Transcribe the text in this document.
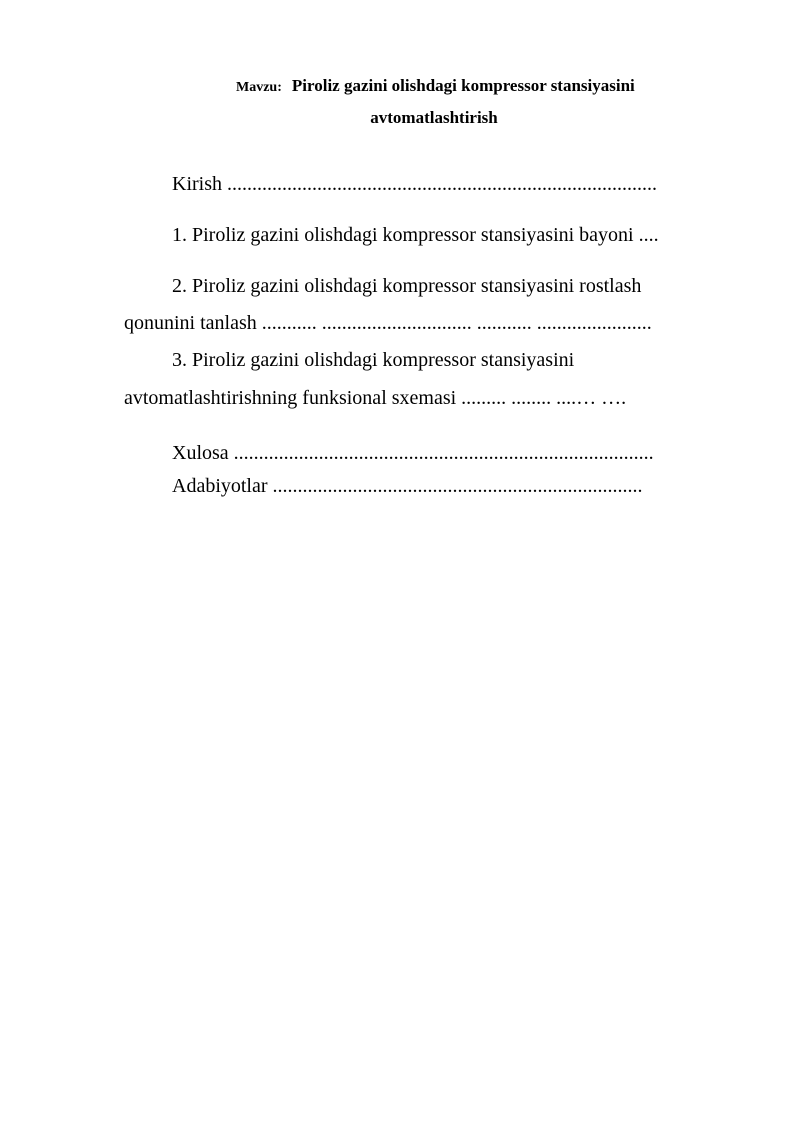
Mavzu: Piroliz gazini olishdagi kompressor stansiyasini
avtomatlashtirish
Kirish ......................................................................................
1. Piroliz gazini olishdagi kompressor stansiyasini bayoni ....
2. Piroliz gazini olishdagi kompressor stansiyasini rostlash
qonunini tanlash ........... .............................. ........... .......................
3. Piroliz gazini olishdagi kompressor stansiyasini
avtomatlashtirishning funksional sxemasi ......... ........ ....… ….
Xulosa ....................................................................................
Adabiyotlar ..........................................................................
